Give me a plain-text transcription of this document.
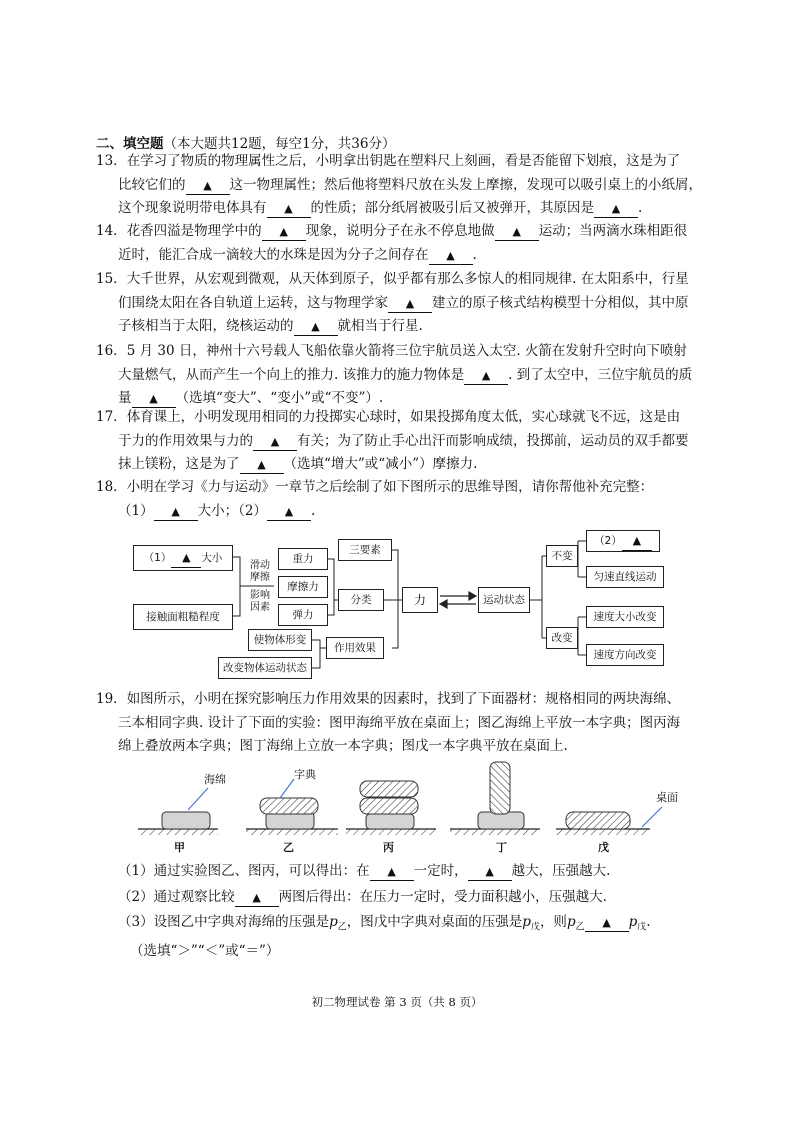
二、填空题（本大题共12题，每空1分，共36分）

13．在学习了物质的物理属性之后，小明拿出钥匙在塑料尺上刻画，看是否能留下划痕，这是为了

比较它们的 ▲ 这一物理属性；然后他将塑料尺放在头发上摩擦，发现可以吸引桌上的小纸屑，

这个现象说明带电体具有 ▲ 的性质；部分纸屑被吸引后又被弹开，其原因是 ▲ .

14．花香四溢是物理学中的 ▲ 现象，说明分子在永不停息地做 ▲ 运动；当两滴水珠相距很

近时，能汇合成一滴较大的水珠是因为分子之间存在 ▲ .

15．大千世界，从宏观到微观，从天体到原子，似乎都有那么多惊人的相同规律. 在太阳系中，行星

们围绕太阳在各自轨道上运转，这与物理学家 ▲ 建立的原子核式结构模型十分相似，其中原

子核相当于太阳，绕核运动的 ▲ 就相当于行星.

16．5 月 30 日，神州十六号载人飞船依靠火箭将三位宇航员送入太空. 火箭在发射升空时向下喷射

大量燃气，从而产生一个向上的推力. 该推力的施力物体是 ▲ . 到了太空中，三位宇航员的质

量 ▲ （选填“变大”、“变小”或“不变”）.

17．体育课上，小明发现用相同的力投掷实心球时，如果投掷角度太低，实心球就飞不远，这是由

于力的作用效果与力的 ▲ 有关；为了防止手心出汗而影响成绩，投掷前，运动员的双手都要

抹上镁粉，这是为了 ▲ （选填“增大”或“减小”）摩擦力.

18．小明在学习《力与运动》一章节之后绘制了如下图所示的思维导图，请你帮他补充完整：

（1） ▲ 大小；（2） ▲ .

（1） ▲	大小
接触面粗糙程度
滑动摩擦
影响因素
重力
摩擦力
弹力
三要素
分类
作用效果
使物体形变
改变物体运动状态
力	运动状态
不变
改变
（2） ▲
匀速直线运动
速度大小改变
速度方向改变

19．如图所示，小明在探究影响压力作用效果的因素时，找到了下面器材：规格相同的两块海绵、

三本相同字典. 设计了下面的实验：图甲海绵平放在桌面上；图乙海绵上平放一本字典；图丙海

绵上叠放两本字典；图丁海绵上立放一本字典；图戊一本字典平放在桌面上.

海绵	字典
桌面
甲	乙	丙	丁	戊

（1）通过实验图乙、图丙，可以得出：在 ▲ 一定时， ▲ 越大，压强越大.

（2）通过观察比较 ▲ 两图后得出：在压力一定时，受力面积越小，压强越大.

（3）设图乙中字典对海绵的压强是$p_乙$，图戊中字典对桌面的压强是$p_戊$，则$p_乙$ ▲ $p_戊$.

（选填“＞”“＜”或“＝”）

初二物理试卷 第 3 页（共 8 页）
